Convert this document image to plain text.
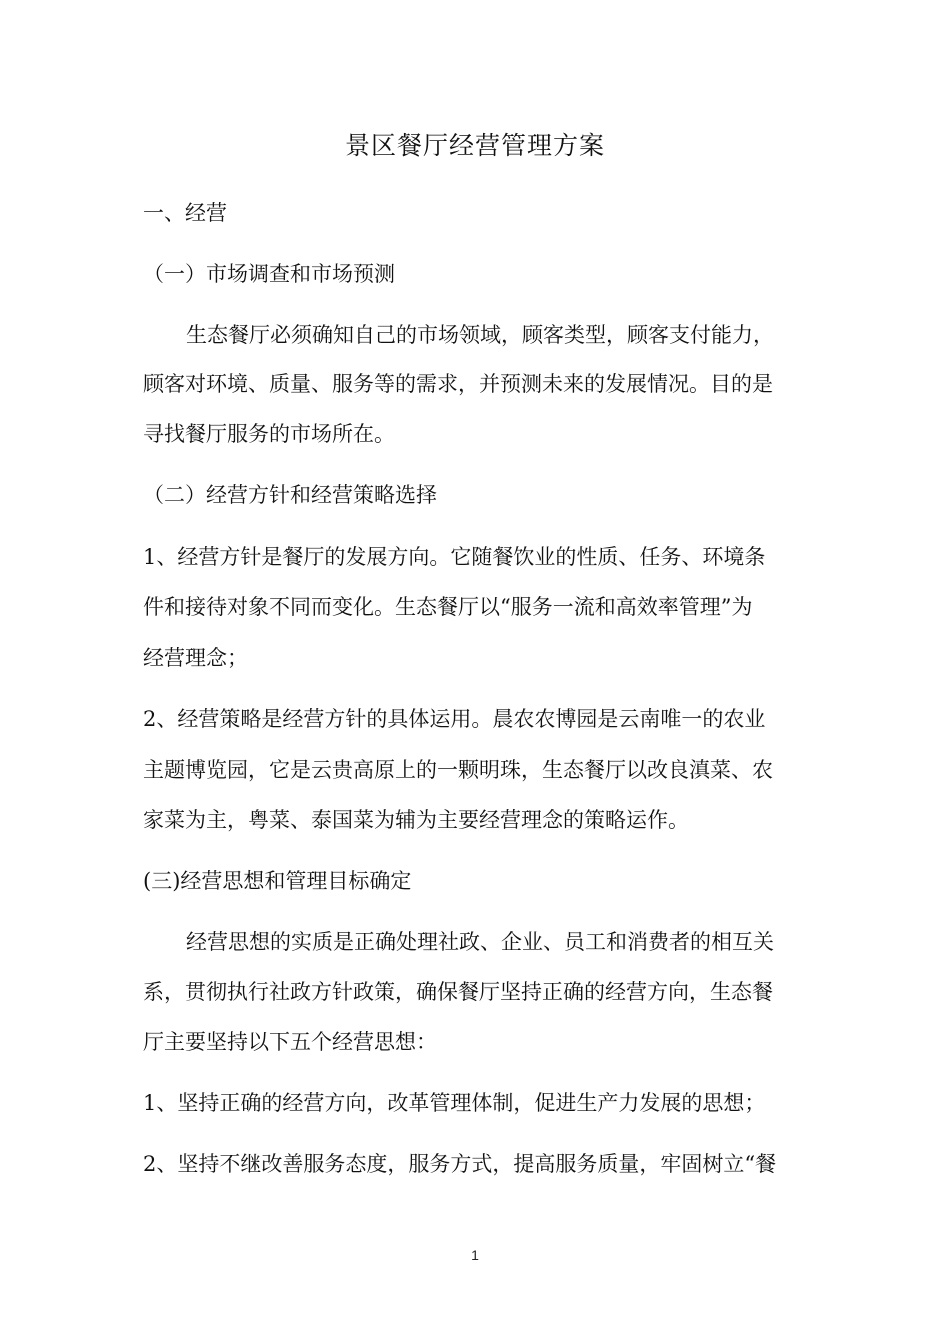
景区餐厅经营管理方案
一、经营
（一）市场调查和市场预测
生态餐厅必须确知自己的市场领域，顾客类型，顾客支付能力，
顾客对环境、质量、服务等的需求，并预测未来的发展情况。目的是
寻找餐厅服务的市场所在。
（二）经营方针和经营策略选择
1、经营方针是餐厅的发展方向。它随餐饮业的性质、任务、环境条
件和接待对象不同而变化。生态餐厅以“服务一流和高效率管理”为
经营理念；
2、经营策略是经营方针的具体运用。晨农农博园是云南唯一的农业
主题博览园，它是云贵高原上的一颗明珠，生态餐厅以改良滇菜、农
家菜为主，粤菜、泰国菜为辅为主要经营理念的策略运作。
(三)经营思想和管理目标确定
经营思想的实质是正确处理社政、企业、员工和消费者的相互关
系，贯彻执行社政方针政策，确保餐厅坚持正确的经营方向，生态餐
厅主要坚持以下五个经营思想：
1、坚持正确的经营方向，改革管理体制，促进生产力发展的思想；
2、坚持不继改善服务态度，服务方式，提高服务质量，牢固树立“餐
1
